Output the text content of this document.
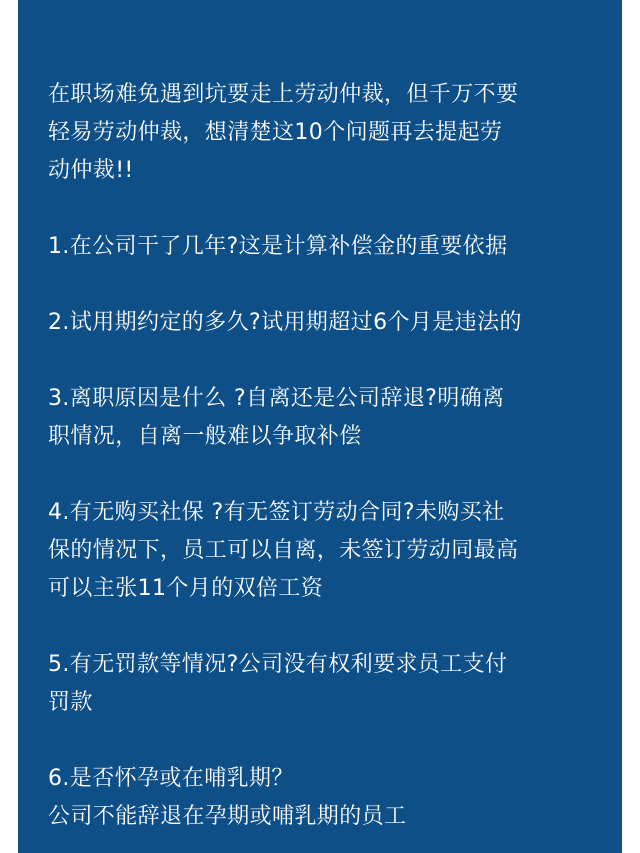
在职场难免遇到坑要走上劳动仲裁，但千万不要
轻易劳动仲裁，想清楚这10个问题再去提起劳
动仲裁!!

1.在公司干了几年?这是计算补偿金的重要依据

2.试用期约定的多久?试用期超过6个月是违法的

3.离职原因是什么 ?自离还是公司辞退?明确离
职情况，自离一般难以争取补偿

4.有无购买社保 ?有无签订劳动合同?未购买社
保的情况下，员工可以自离，未签订劳动同最高
可以主张11个月的双倍工资

5.有无罚款等情况?公司没有权利要求员工支付
罚款

6.是否怀孕或在哺乳期？
公司不能辞退在孕期或哺乳期的员工
